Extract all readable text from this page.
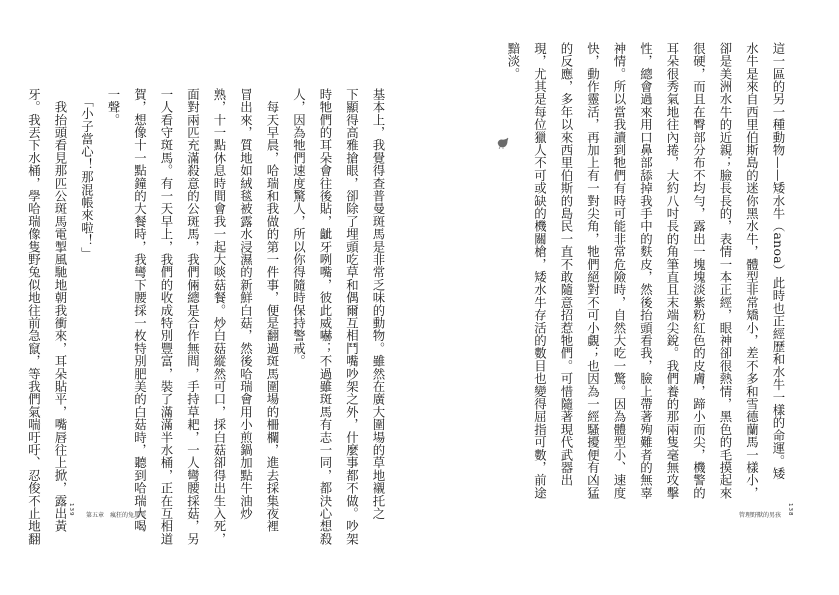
基本上，我覺得查普曼斑馬是非常乏味的動物。雖然在廣大圍場的草地襯托之
下顯得高雅搶眼，卻除了埋頭吃草和偶爾互相鬥嘴吵架之外，什麼事都不做。吵架
時牠們的耳朵會往後貼，齜牙咧嘴，彼此威嚇；不過雖斑馬有志一同，都決心想殺
人，因為牠們速度驚人，所以你得隨時保持警戒。
　每天早晨，哈瑞和我做的第一件事，便是翻過斑馬圍場的柵欄，進去採集夜裡
冒出來，質地如絨毯被露水浸濕的新鮮白菇，然後哈瑞會用小煎鍋加點牛油炒
熟，十一點休息時間會我一起大啖菇餐。炒白菇縱然可口，採白菇卻得出生入死，
面對兩匹充滿殺意的公斑馬，我們倆總是合作無間，手持草耙，一人彎腰採菇，另
一人看守斑馬。有一天早上，我們的收成特別豐富，裝了滿滿半水桶，正在互相道
賀，想像十一點鐘的大餐時，我彎下腰採一枚特別肥美的白菇時，聽到哈瑞大喝
一聲。
　「小子當心！那混帳來啦！」
　我抬頭看見那匹公斑馬電掣風馳地朝我衝來，耳朵貼平，嘴唇往上掀，露出黃
牙。我丟下水桶，學哈瑞像隻野兔似地往前急竄，等我們氣喘吁吁、忍俊不止地翻	139 第五章　瘋狂的兔馬等

這一區的另一種動物——矮水牛（anoa）此時也正經歷和水牛一樣的命運。矮
水牛是來自西里伯斯島的迷你黑水牛，體型非常矯小，差不多和雪德蘭馬一樣小，
卻是美洲水牛的近親；臉長長的，表情一本正經，眼神卻很熱情，黑色的毛摸起來
很硬，而且在臀部分布不均勻，露出一塊塊淡紫粉紅色的皮膚，蹄小而尖，機警的
耳朵很秀氣地往內捲，大約八吋長的角筆直且末端尖銳。我們養的那兩隻毫無攻擊
性，總會過來用口鼻部舔掉我手中的麩皮，然後抬頭看我，臉上帶著殉難者的無辜
神情。所以當我讀到牠們有時可能非常危險時，自然大吃一驚。因為體型小、速度
快，動作靈活，再加上有一對尖角，牠們絕對不可小覷；也因為一經騷擾便有凶猛
的反應，多年以來西里伯斯的島民一直不敢隨意招惹牠們。可惜隨著現代武器出
現，尤其是每位獵人不可或缺的機關槍，矮水牛存活的數目也變得屈指可數，前途
黯淡。

管理野獸的男孩 138
